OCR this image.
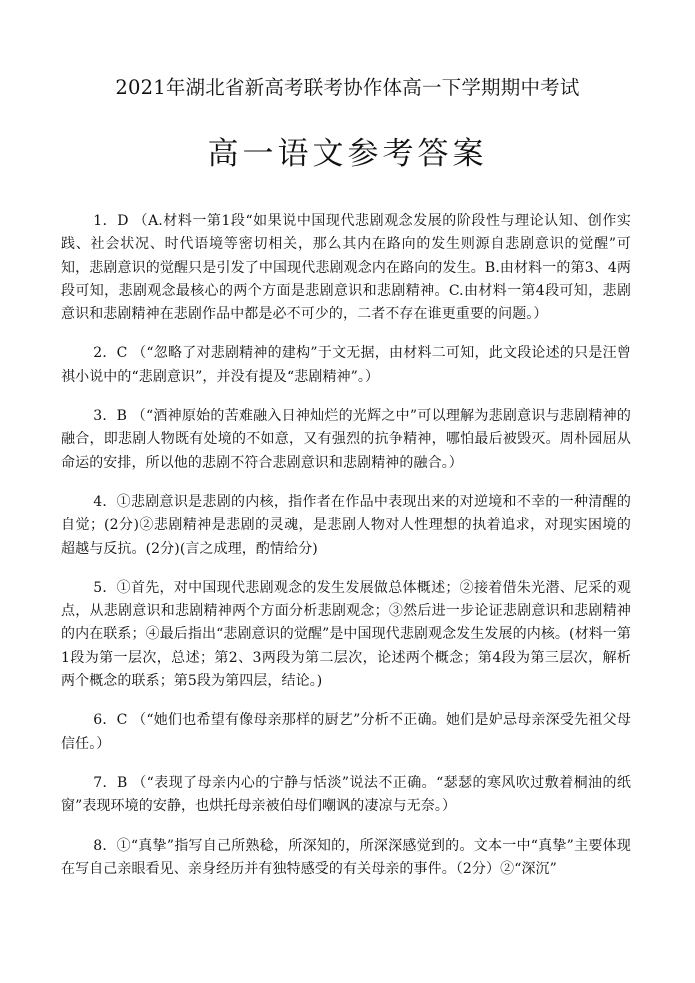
2021年湖北省新高考联考协作体高一下学期期中考试
高一语文参考答案

1．D （A.材料一第1段“如果说中国现代悲剧观念发展的阶段性与理论认知、创作实践、社会状况、时代语境等密切相关，那么其内在路向的发生则源自悲剧意识的觉醒”可知，悲剧意识的觉醒只是引发了中国现代悲剧观念内在路向的发生。B.由材料一的第3、4两段可知，悲剧观念最核心的两个方面是悲剧意识和悲剧精神。C.由材料一第4段可知，悲剧意识和悲剧精神在悲剧作品中都是必不可少的，二者不存在谁更重要的问题。）

2．C （“忽略了对悲剧精神的建构”于文无据，由材料二可知，此文段论述的只是汪曾祺小说中的“悲剧意识”，并没有提及“悲剧精神”。）

3．B （“酒神原始的苦难融入日神灿烂的光辉之中”可以理解为悲剧意识与悲剧精神的融合，即悲剧人物既有处境的不如意，又有强烈的抗争精神，哪怕最后被毁灭。周朴园屈从命运的安排，所以他的悲剧不符合悲剧意识和悲剧精神的融合。）

4．①悲剧意识是悲剧的内核，指作者在作品中表现出来的对逆境和不幸的一种清醒的自觉；(2分)②悲剧精神是悲剧的灵魂，是悲剧人物对人性理想的执着追求，对现实困境的超越与反抗。(2分)(言之成理，酌情给分)

5．①首先，对中国现代悲剧观念的发生发展做总体概述；②接着借朱光潜、尼采的观点，从悲剧意识和悲剧精神两个方面分析悲剧观念；③然后进一步论证悲剧意识和悲剧精神的内在联系；④最后指出“悲剧意识的觉醒”是中国现代悲剧观念发生发展的内核。(材料一第1段为第一层次，总述；第2、3两段为第二层次，论述两个概念；第4段为第三层次，解析两个概念的联系；第5段为第四层，结论。)

6．C （“她们也希望有像母亲那样的厨艺”分析不正确。她们是妒忌母亲深受先祖父母信任。）

7．B （“表现了母亲内心的宁静与恬淡”说法不正确。“瑟瑟的寒风吹过敷着桐油的纸窗”表现环境的安静，也烘托母亲被伯母们嘲讽的凄凉与无奈。）

8．①“真挚”指写自己所熟稔，所深知的，所深深感觉到的。文本一中“真挚”主要体现在写自己亲眼看见、亲身经历并有独特感受的有关母亲的事件。（2分）②“深沉”
